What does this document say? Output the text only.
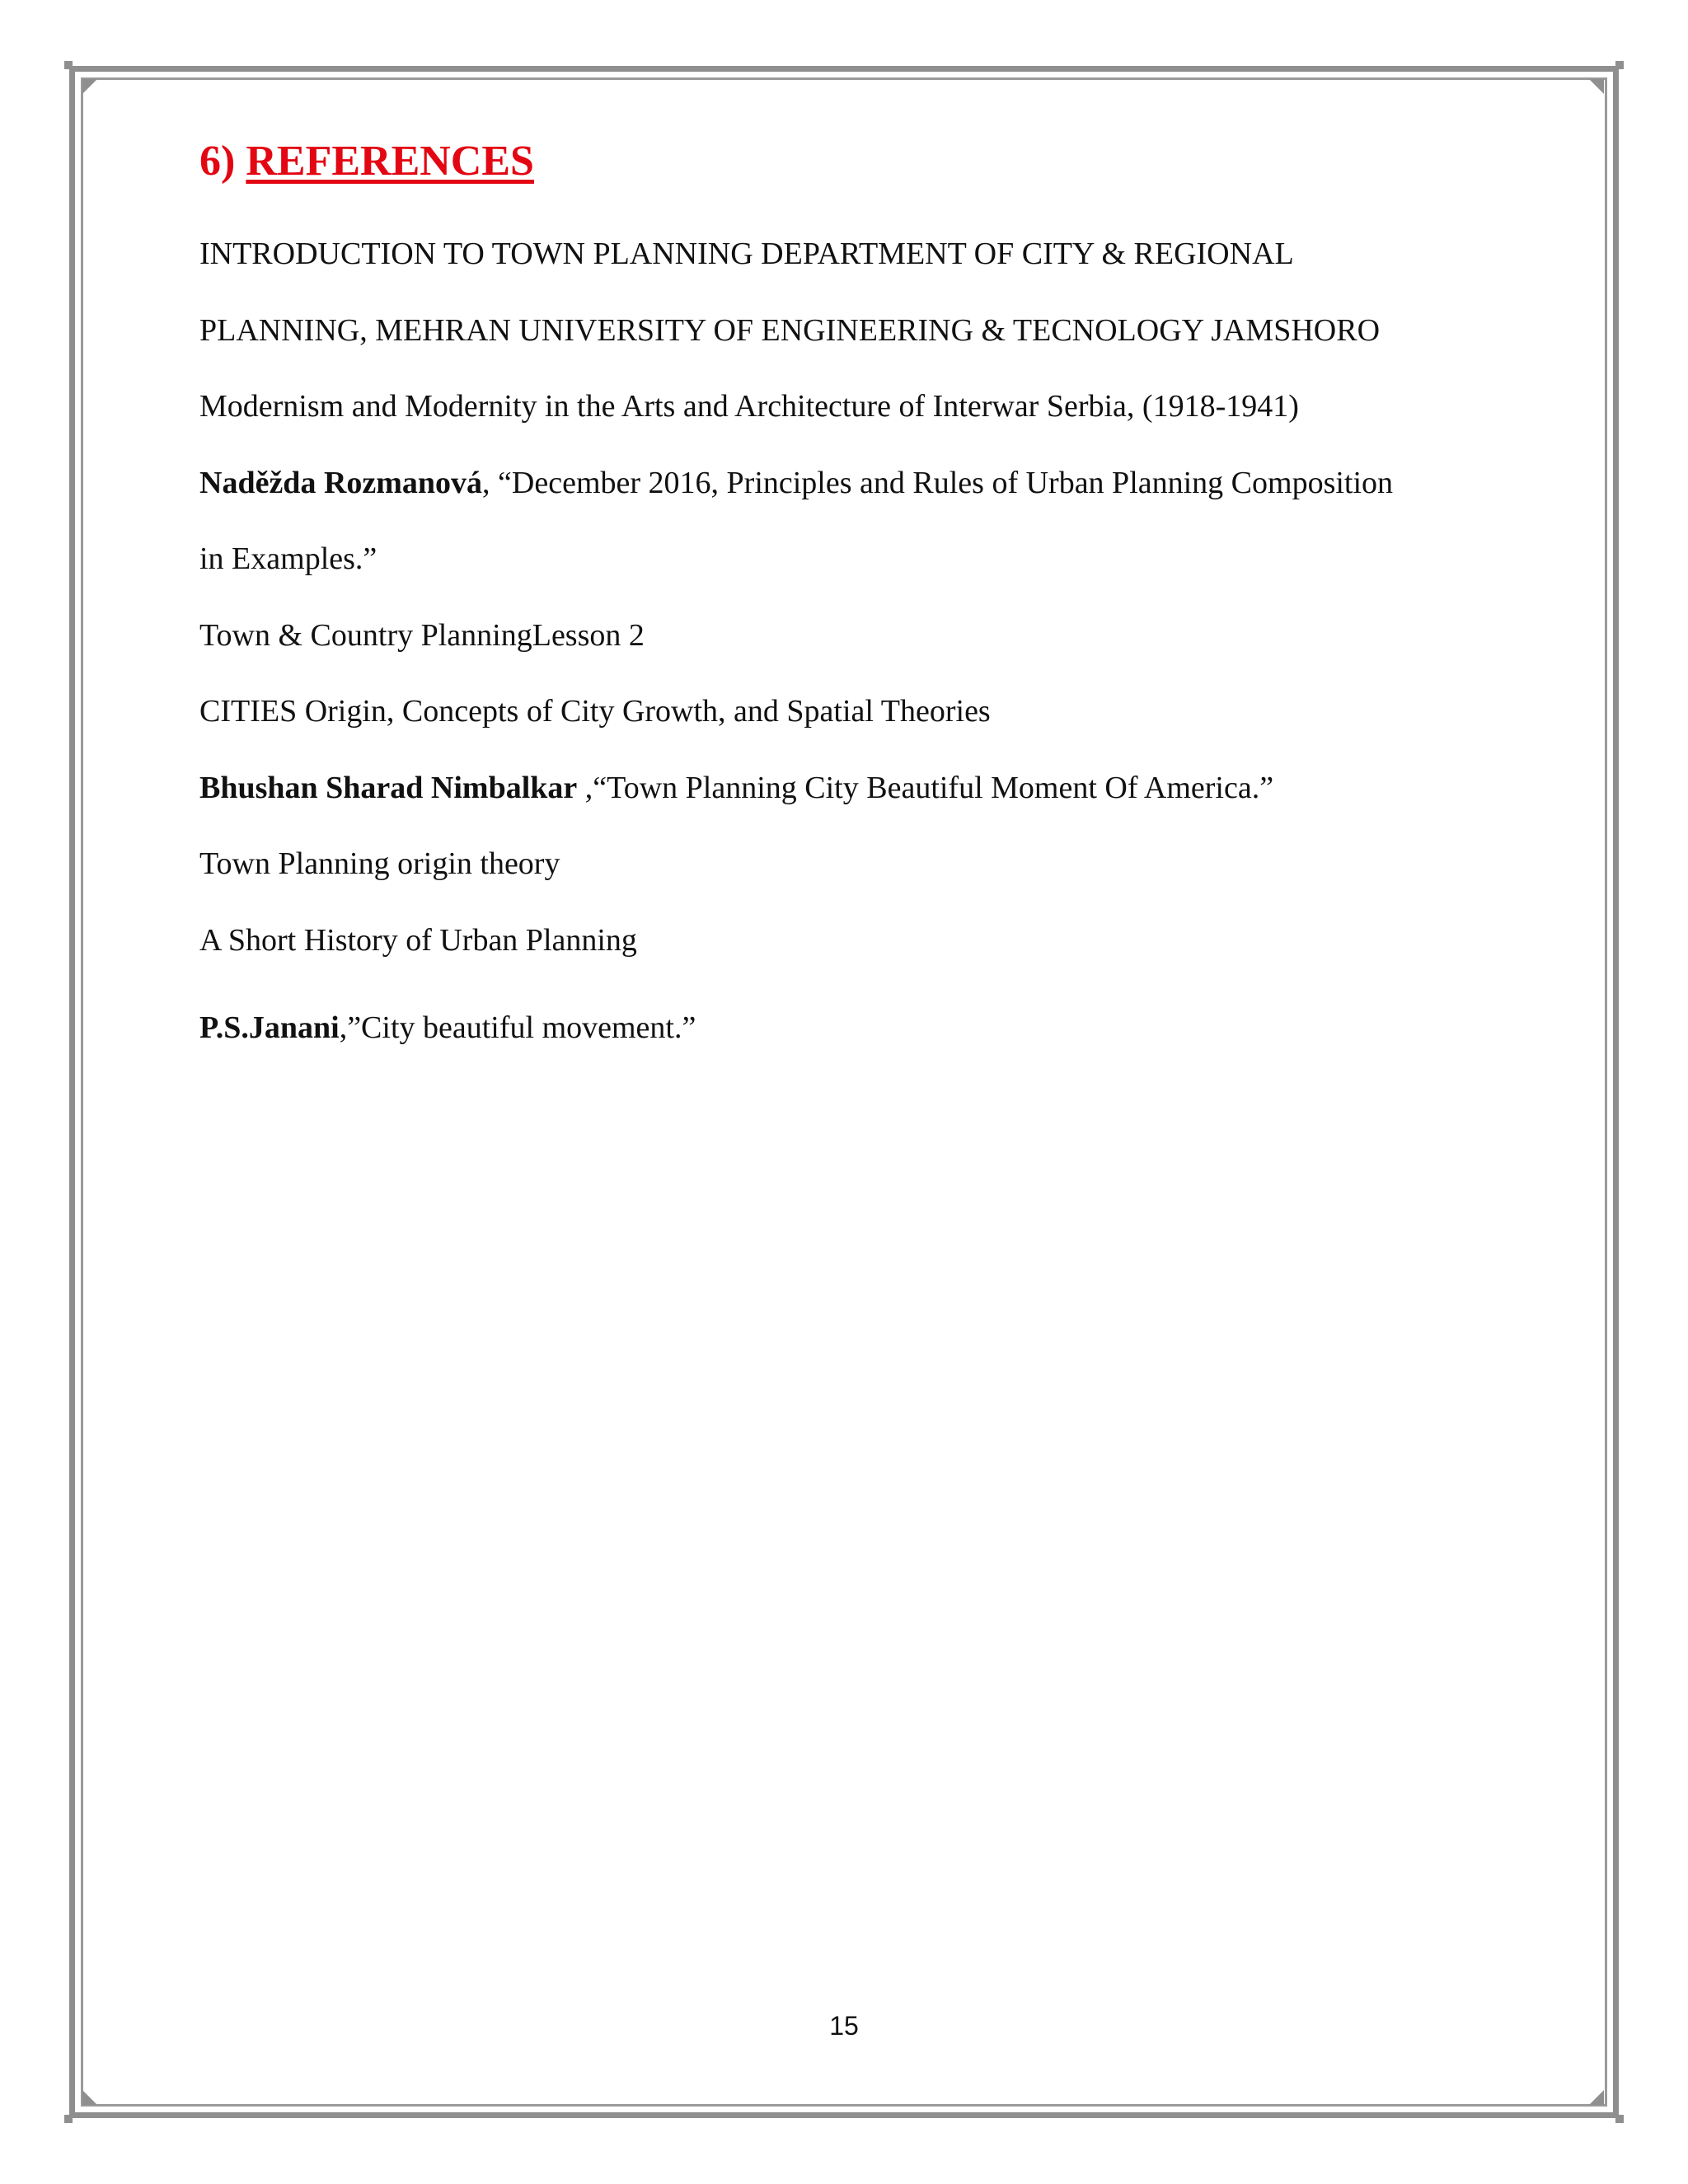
6) REFERENCES
INTRODUCTION TO TOWN PLANNING DEPARTMENT OF CITY & REGIONAL
PLANNING, MEHRAN UNIVERSITY OF ENGINEERING & TECNOLOGY JAMSHORO
Modernism and Modernity in the Arts and Architecture of Interwar Serbia, (1918-1941)
Naděžda Rozmanová, “December 2016, Principles and Rules of Urban Planning Composition
in Examples.”
Town & Country PlanningLesson 2
CITIES Origin, Concepts of City Growth, and Spatial Theories
Bhushan Sharad Nimbalkar ,“Town Planning City Beautiful Moment Of America.”
Town Planning origin theory
A Short History of Urban Planning
P.S.Janani,”City beautiful movement.”
15
